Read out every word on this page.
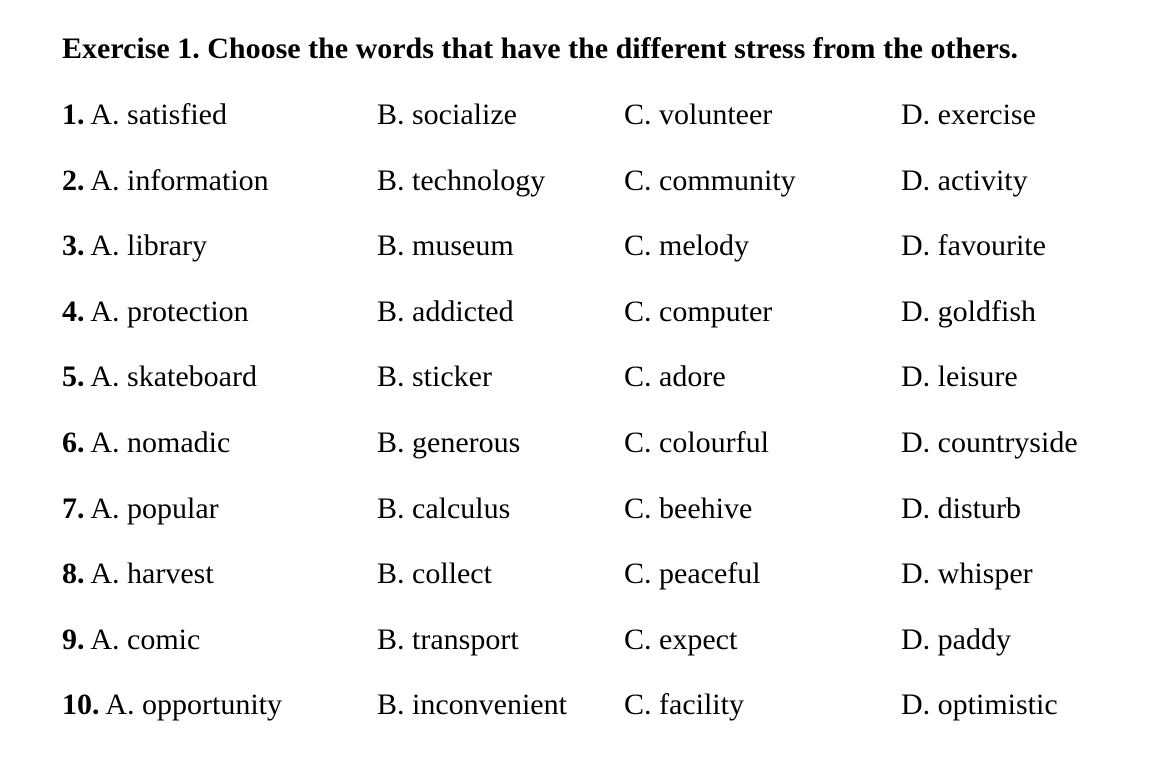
Exercise 1. Choose the words that have the different stress from the others.
1. A. satisfied	B. socialize	C. volunteer	D. exercise
2. A. information	B. technology	C. community	D. activity
3. A. library	B. museum	C. melody	D. favourite
4. A. protection	B. addicted	C. computer	D. goldfish
5. A. skateboard	B. sticker	C. adore	D. leisure
6. A. nomadic	B. generous	C. colourful	D. countryside
7. A. popular	B. calculus	C. beehive	D. disturb
8. A. harvest	B. collect	C. peaceful	D. whisper
9. A. comic	B. transport	C. expect	D. paddy
10. A. opportunity	B. inconvenient C. facility	D. optimistic
